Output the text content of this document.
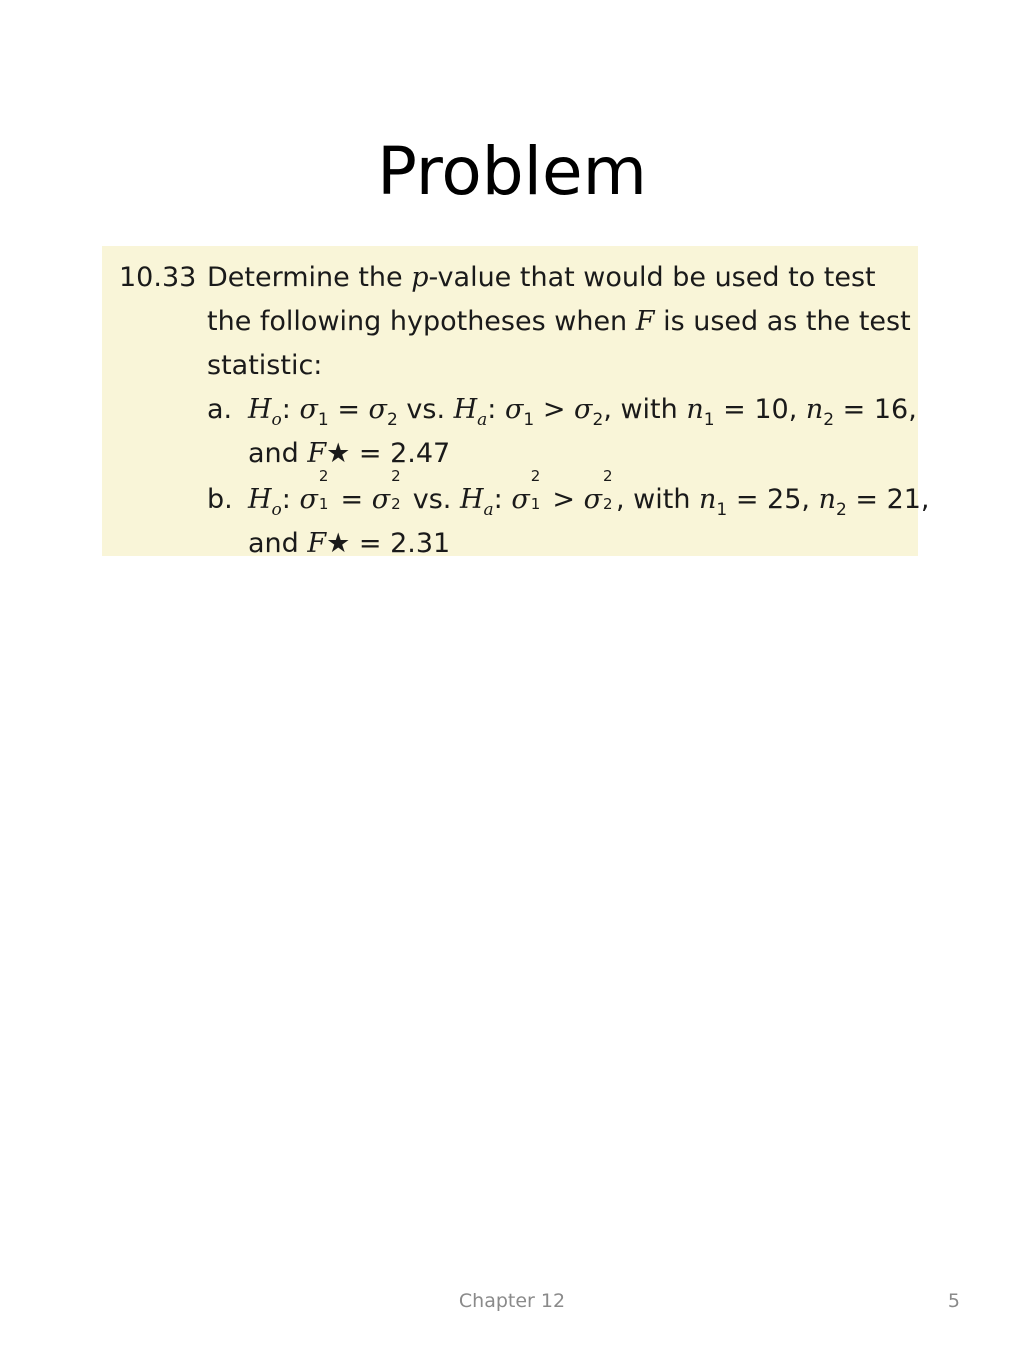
Problem
10.33 Determine the p-value that would be used to test
the following hypotheses when F is used as the test
statistic:
a. $H_o$: $\sigma_1 = \sigma_2$ vs. $H_a$: $\sigma_1 > \sigma_2$, with $n_1 = 10$, $n_2 = 16$,
and F★ = 2.47
b. $H_o$: σ
2
1 = σ
2
2 vs. $H_a$: σ
2
1 > σ
2
2 , with $n_1 = 25$, $n_2 = 21$,
and F★ = 2.31
Chapter 12	5
